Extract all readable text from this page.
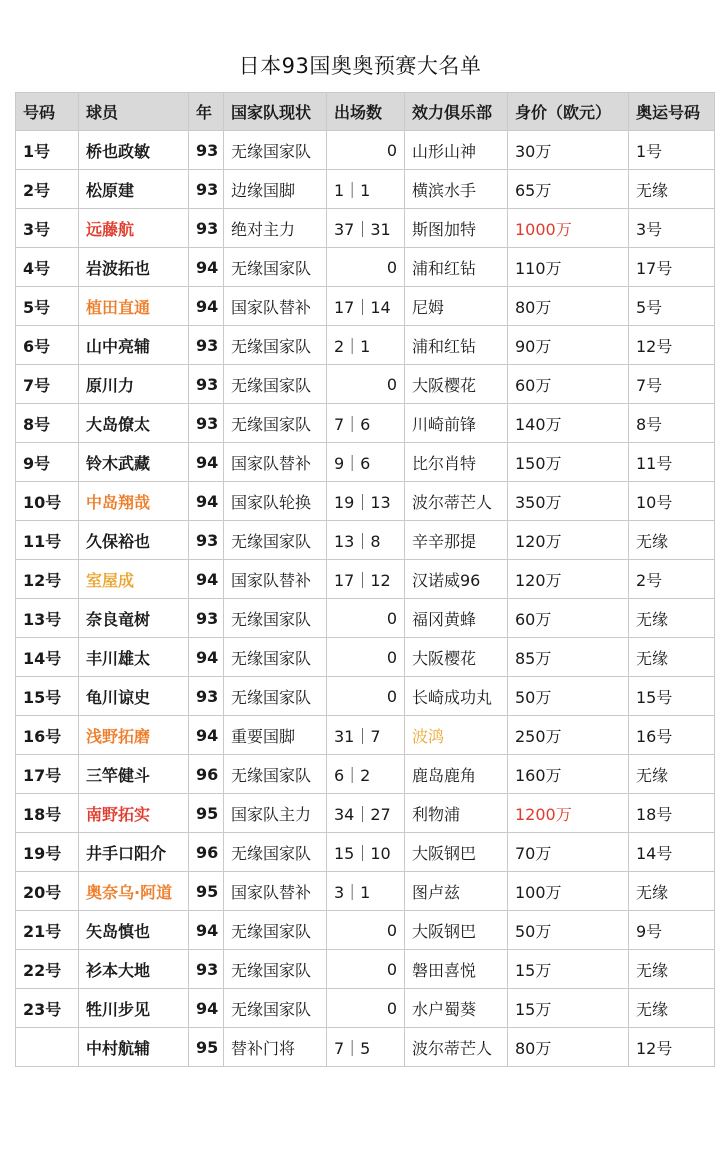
日本93国奥奥预赛大名单
号码	球员	年	国家队现状	出场数	效力俱乐部	身价（欧元）	奥运号码
1号	桥也政敏	93	无缘国家队	0	山形山神	30万	1号
2号	松原建	93	边缘国脚	1｜1	横滨水手	65万	无缘
3号	远藤航	93	绝对主力	37｜31	斯图加特	1000万	3号
4号	岩波拓也	94	无缘国家队	0	浦和红钻	110万	17号
5号	植田直通	94	国家队替补	17｜14	尼姆	80万	5号
6号	山中亮辅	93	无缘国家队	2｜1	浦和红钻	90万	12号
7号	原川力	93	无缘国家队	0	大阪樱花	60万	7号
8号	大岛僚太	93	无缘国家队	7｜6	川崎前锋	140万	8号
9号	铃木武藏	94	国家队替补	9｜6	比尔肖特	150万	11号
10号	中岛翔哉	94	国家队轮换	19｜13	波尔蒂芒人	350万	10号
11号	久保裕也	93	无缘国家队	13｜8	辛辛那提	120万	无缘
12号	室屋成	94	国家队替补	17｜12	汉诺威96	120万	2号
13号	奈良竜树	93	无缘国家队	0	福冈黄蜂	60万	无缘
14号	丰川雄太	94	无缘国家队	0	大阪樱花	85万	无缘
15号	龟川谅史	93	无缘国家队	0	长崎成功丸	50万	15号
16号	浅野拓磨	94	重要国脚	31｜7	波鸿	250万	16号
17号	三竿健斗	96	无缘国家队	6｜2	鹿岛鹿角	160万	无缘
18号	南野拓实	95	国家队主力	34｜27	利物浦	1200万	18号
19号	井手口阳介	96	无缘国家队	15｜10	大阪钢巴	70万	14号
20号	奥奈乌·阿道	95	国家队替补	3｜1	图卢兹	100万	无缘
21号	矢岛慎也	94	无缘国家队	0	大阪钢巴	50万	9号
22号	衫本大地	93	无缘国家队	0	磐田喜悦	15万	无缘
23号	牲川步见	94	无缘国家队	0	水户蜀葵	15万	无缘
	中村航辅	95	替补门将	7｜5	波尔蒂芒人	80万	12号
